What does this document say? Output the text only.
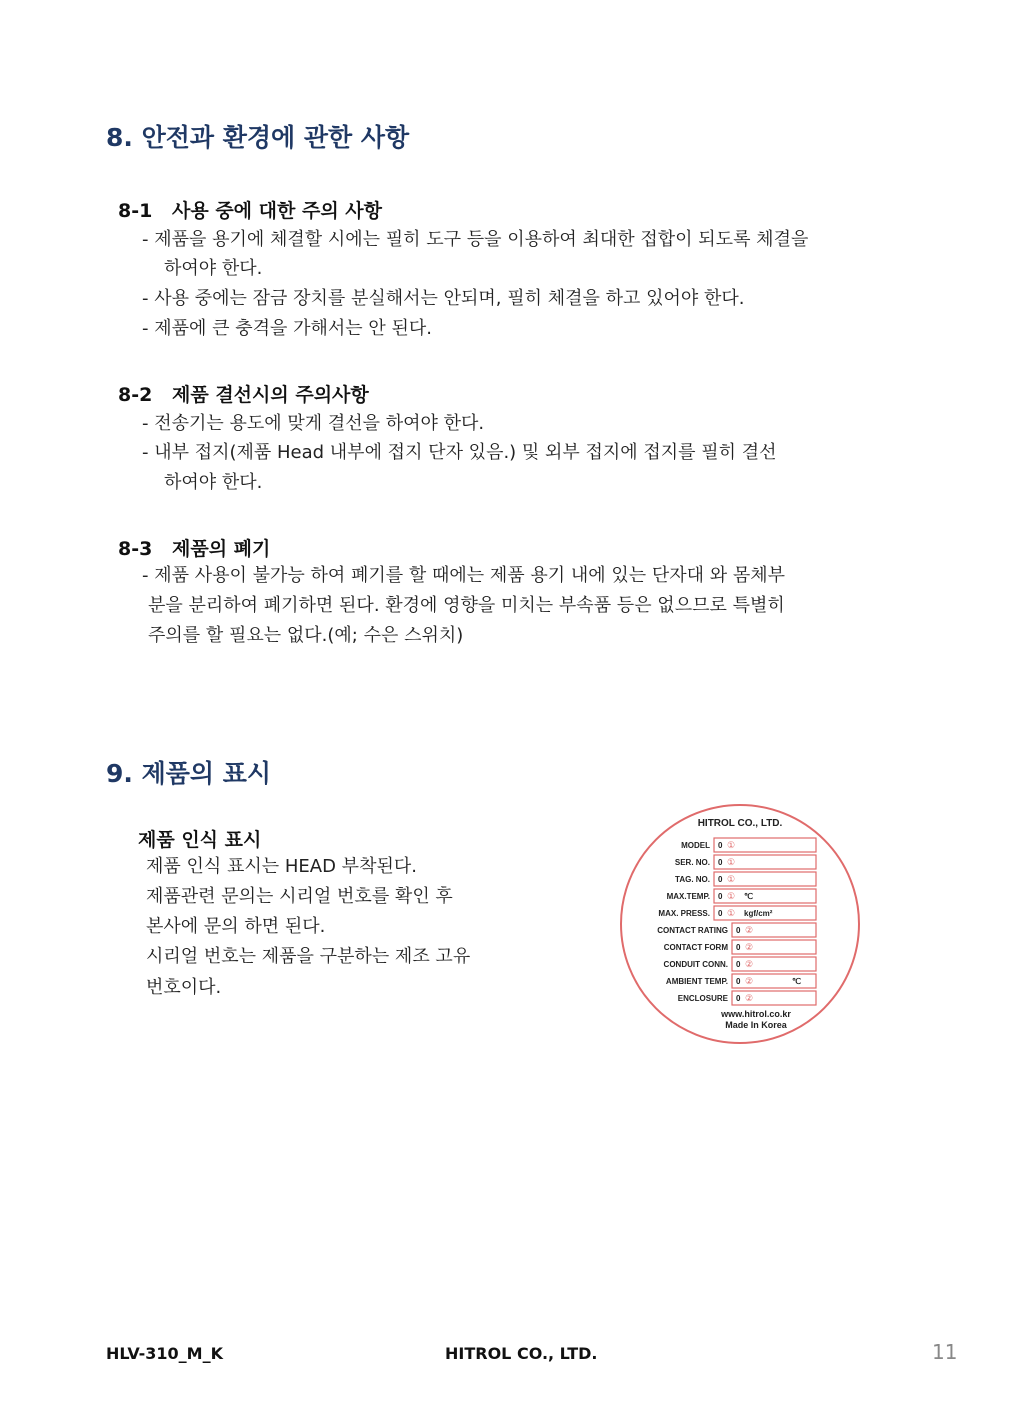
8. 안전과 환경에 관한 사항
8-1 사용 중에 대한 주의 사항
- 제품을 용기에 체결할 시에는 필히 도구 등을 이용하여 최대한 접합이 되도록 체결을
하여야 한다.
- 사용 중에는 잠금 장치를 분실해서는 안되며, 필히 체결을 하고 있어야 한다.
- 제품에 큰 충격을 가해서는 안 된다.
8-2 제품 결선시의 주의사항
- 전송기는 용도에 맞게 결선을 하여야 한다.
- 내부 접지(제품 Head 내부에 접지 단자 있음.) 및 외부 접지에 접지를 필히 결선
하여야 한다.
8-3 제품의 폐기
- 제품 사용이 불가능 하여 폐기를 할 때에는 제품 용기 내에 있는 단자대 와 몸체부
분을 분리하여 폐기하면 된다. 환경에 영향을 미치는 부속품 등은 없으므로 특별히
주의를 할 필요는 없다.(예; 수은 스위치)
9. 제품의 표시
제품 인식 표시
제품 인식 표시는 HEAD 부착된다.
제품관련 문의는 시리얼 번호를 확인 후
본사에 문의 하면 된다.
시리얼 번호는 제품을 구분하는 제조 고유
번호이다.
HITROL CO., LTD.
MODEL 0 ①
SER. NO. 0 ①
TAG. NO. 0 ①
MAX.TEMP. 0 ① ℃
MAX. PRESS. 0 ① kgf/cm²
CONTACT RATING 0 ②
CONTACT FORM 0 ②
CONDUIT CONN. 0 ②
AMBIENT TEMP. 0 ②	℃
ENCLOSURE 0 ②
www.hitrol.co.kr
Made In Korea
HLV-310_M_K	HITROL CO., LTD.	11
